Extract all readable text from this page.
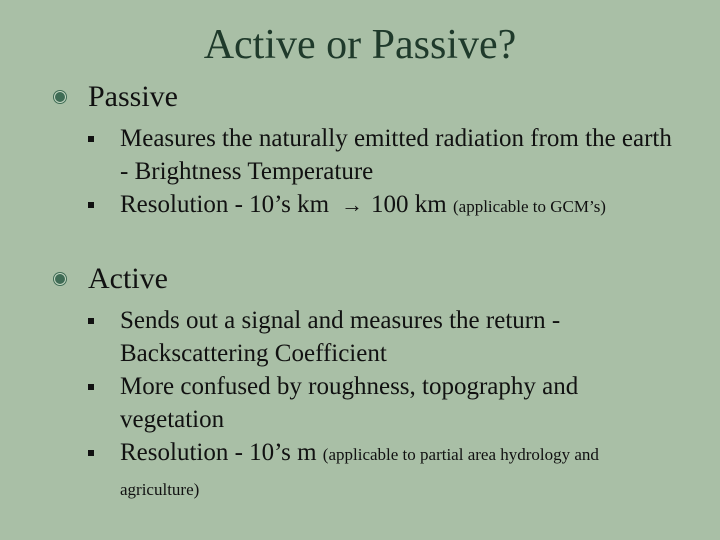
Active or Passive?
Passive
Measures the naturally emitted radiation from the earth - Brightness Temperature
Resolution - 10’s km → 100 km (applicable to GCM’s)
Active
Sends out a signal and measures the return - Backscattering Coefficient
More confused by roughness, topography and vegetation
Resolution - 10’s m (applicable to partial area hydrology and agriculture)
